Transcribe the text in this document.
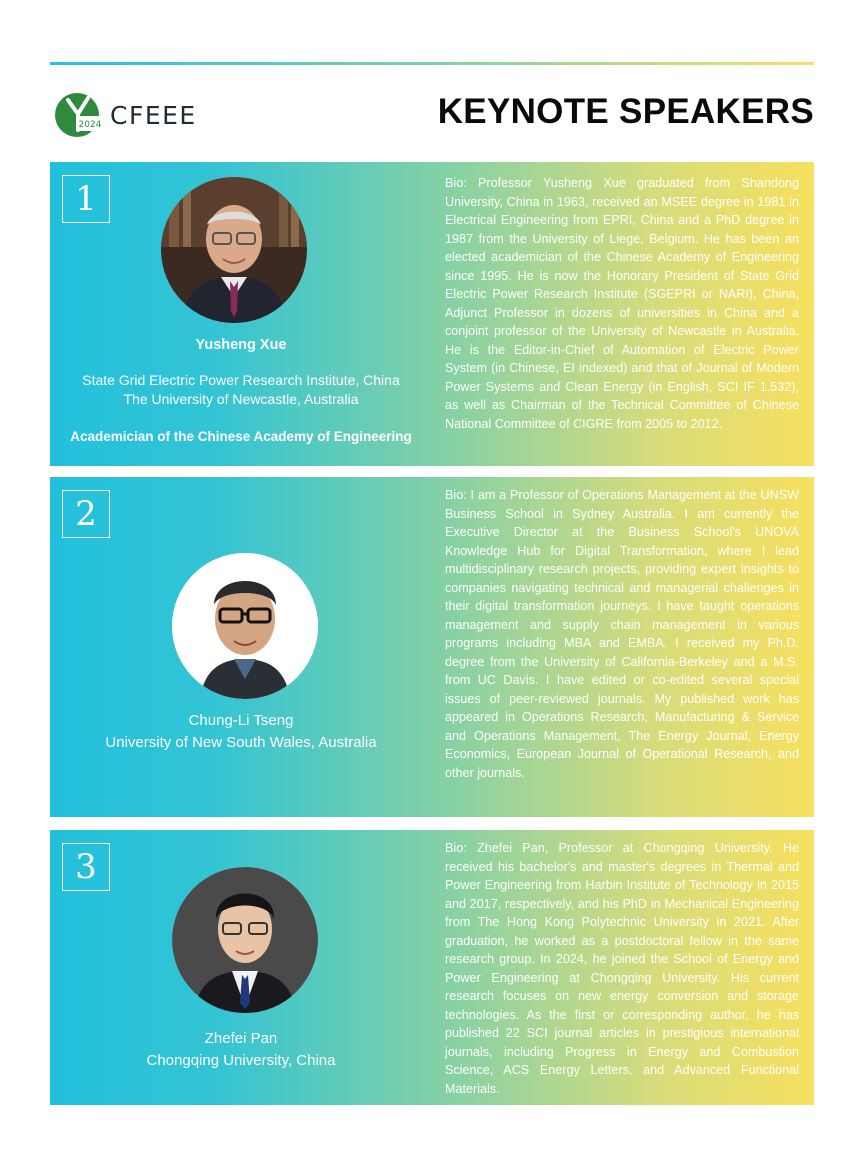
2024 CFEEE	KEYNOTE SPEAKERS
1
Yusheng Xue
State Grid Electric Power Research Institute, China
The University of Newcastle, Australia
Academician of the Chinese Academy of Engineering

Bio: Professor Yusheng Xue graduated from Shandong University, China in 1963, received an MSEE degree in 1981 in Electrical Engineering from EPRI, China and a PhD degree in 1987 from the University of Liege, Belgium. He has been an elected academician of the Chinese Academy of Engineering since 1995. He is now the Honorary President of State Grid Electric Power Research Institute (SGEPRI or NARI), China, Adjunct Professor in dozens of universities in China and a conjoint professor of the University of Newcastle in Australia. He is the Editor-in-Chief of Automation of Electric Power System (in Chinese, EI indexed) and that of Journal of Modern Power Systems and Clean Energy (in English, SCI IF 1.532), as well as Chairman of the Technical Committee of Chinese National Committee of CIGRE from 2005 to 2012.

2
Chung-Li Tseng
University of New South Wales, Australia

Bio: I am a Professor of Operations Management at the UNSW Business School in Sydney Australia. I am currently the Executive Director at the Business School's UNOVA Knowledge Hub for Digital Transformation, where I lead multidisciplinary research projects, providing expert insights to companies navigating technical and managerial challenges in their digital transformation journeys. I have taught operations management and supply chain management in various programs including MBA and EMBA. I received my Ph.D. degree from the University of California-Berkeley and a M.S. from UC Davis. I have edited or co-edited several special issues of peer-reviewed journals. My published work has appeared in Operations Research, Manufacturing & Service and Operations Management, The Energy Journal, Energy Economics, European Journal of Operational Research, and other journals.

3
Zhefei Pan
Chongqing University, China

Bio: Zhefei Pan, Professor at Chongqing University. He received his bachelor's and master's degrees in Thermal and Power Engineering from Harbin Institute of Technology in 2015 and 2017, respectively, and his PhD in Mechanical Engineering from The Hong Kong Polytechnic University in 2021. After graduation, he worked as a postdoctoral fellow in the same research group. In 2024, he joined the School of Energy and Power Engineering at Chongqing University. His current research focuses on new energy conversion and storage technologies. As the first or corresponding author, he has published 22 SCI journal articles in prestigious international journals, including Progress in Energy and Combustion Science, ACS Energy Letters, and Advanced Functional Materials.
